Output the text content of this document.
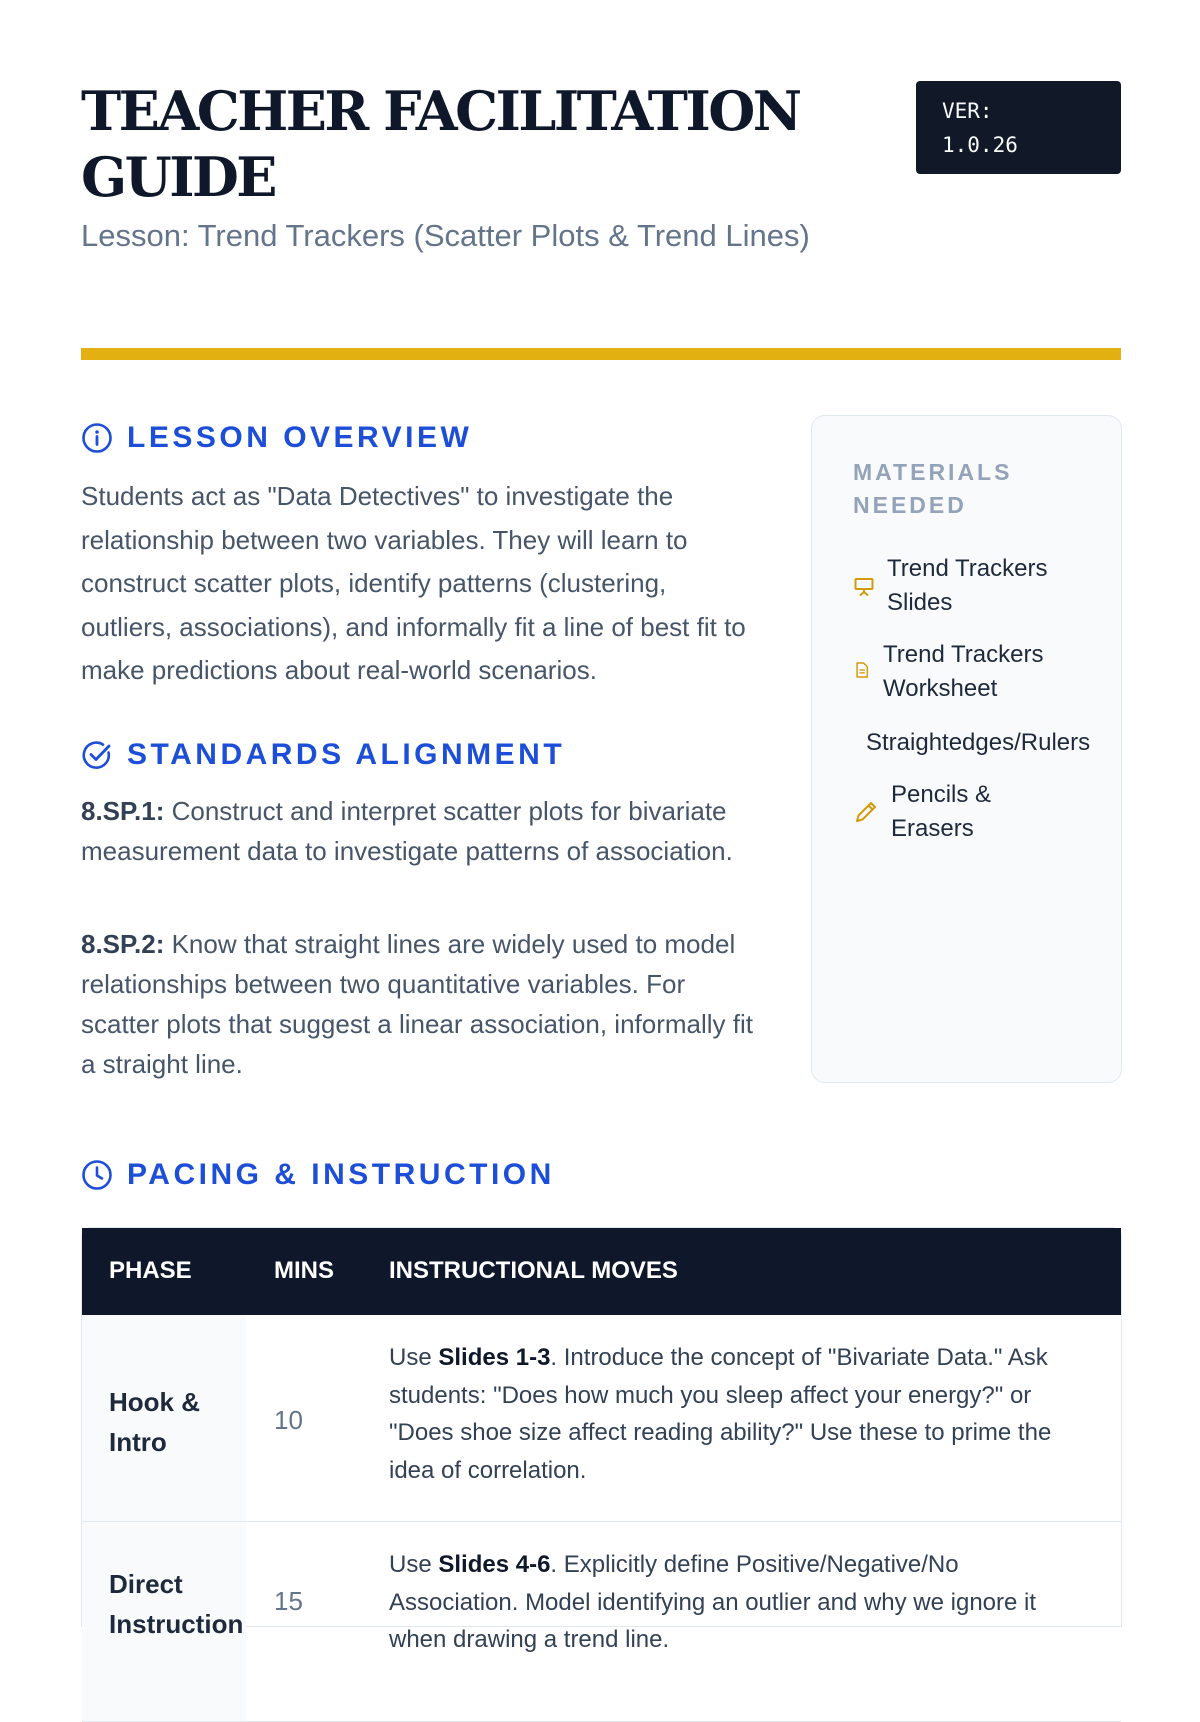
TEACHER FACILITATION GUIDE
Lesson: Trend Trackers (Scatter Plots & Trend Lines)
VER:
1.0.26
LESSON OVERVIEW

Students act as "Data Detectives" to investigate the relationship between two variables. They will learn to construct scatter plots, identify patterns (clustering, outliers, associations), and informally fit a line of best fit to make predictions about real-world scenarios.

STANDARDS ALIGNMENT

8.SP.1: Construct and interpret scatter plots for bivariate measurement data to investigate patterns of association.

8.SP.2: Know that straight lines are widely used to model relationships between two quantitative variables. For scatter plots that suggest a linear association, informally fit a straight line.

MATERIALS NEEDED
Trend Trackers Slides
Trend Trackers Worksheet
Straightedges/Rulers
Pencils & Erasers
PACING & INSTRUCTION
PHASE	MINS INSTRUCTIONAL MOVES
Hook & Intro
10
Use Slides 1-3. Introduce the concept of "Bivariate Data." Ask students: "Does how much you sleep affect your energy?" or "Does shoe size affect reading ability?" Use these to prime the idea of correlation.
Direct Instruction
15
Use Slides 4-6. Explicitly define Positive/Negative/No Association. Model identifying an outlier and why we ignore it when drawing a trend line.
